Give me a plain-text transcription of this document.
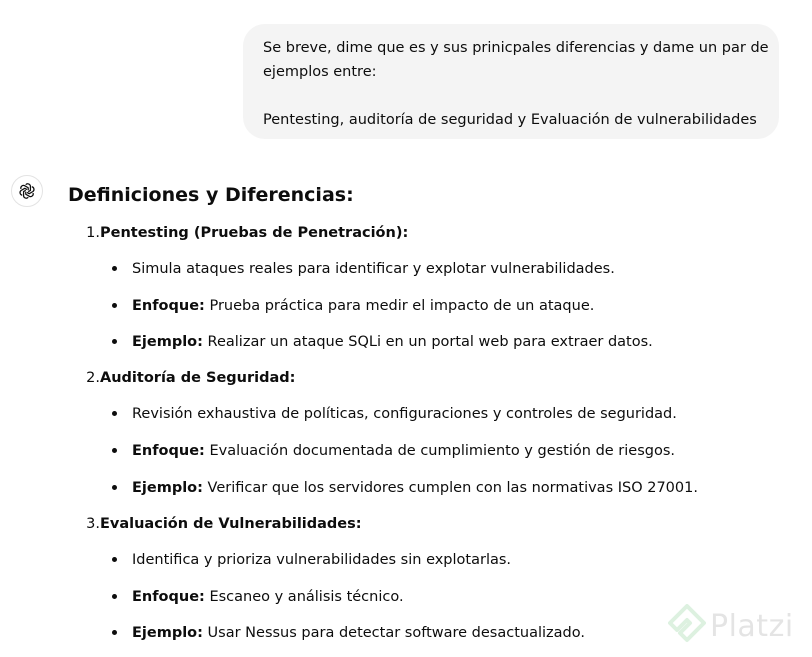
Se breve, dime que es y sus prinicpales diferencias y dame un par de

ejemplos entre:

Pentesting, auditoría de seguridad y Evaluación de vulnerabilidades

Definiciones y Diferencias:
1.Pentesting (Pruebas de Penetración):
Simula ataques reales para identificar y explotar vulnerabilidades.
Enfoque: Prueba práctica para medir el impacto de un ataque.
Ejemplo: Realizar un ataque SQLi en un portal web para extraer datos.
2.Auditoría de Seguridad:
Revisión exhaustiva de políticas, configuraciones y controles de seguridad.
Enfoque: Evaluación documentada de cumplimiento y gestión de riesgos.
Ejemplo: Verificar que los servidores cumplen con las normativas ISO 27001.
3.Evaluación de Vulnerabilidades:
Identifica y prioriza vulnerabilidades sin explotarlas.
Enfoque: Escaneo y análisis técnico.
Ejemplo: Usar Nessus para detectar software desactualizado.	Platzi
